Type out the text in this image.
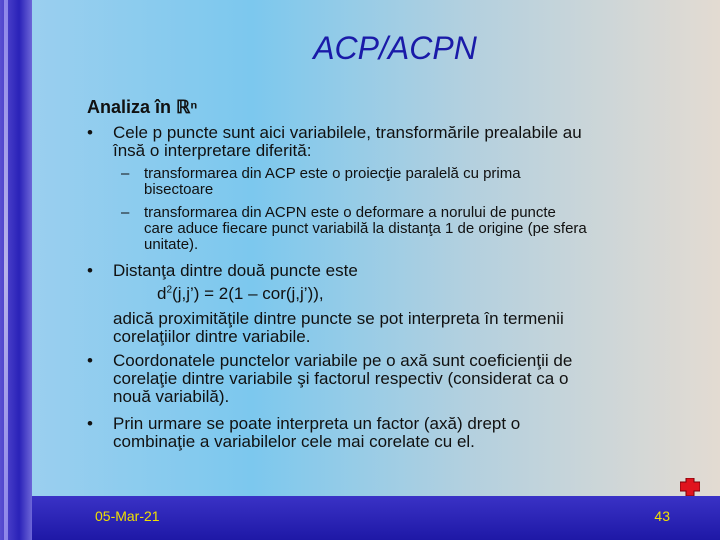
ACP/ACPN
Analiza în ℝⁿ
• Cele p puncte sunt aici variabilele, transformările prealabile au
însă o interpretare diferită:
– transformarea din ACP este o proiecţie paralelă cu prima
bisectoare
– transformarea din ACPN este o deformare a norului de puncte
care aduce fiecare punct variabilă la distanţa 1 de origine (pe sfera
unitate).
• Distanţa dintre două puncte este
$d^2(j,j’) = 2(1$ – cor(j,j’)),
adică proximităţile dintre puncte se pot interpreta în termenii
corelaţiilor dintre variabile.
• Coordonatele punctelor variabile pe o axă sunt coeficienţii de
corelaţie dintre variabile şi factorul respectiv (considerat ca o
nouă variabilă).
• Prin urmare se poate interpreta un factor (axă) drept o
combinaţie a variabilelor cele mai corelate cu el.
05-Mar-21	43
